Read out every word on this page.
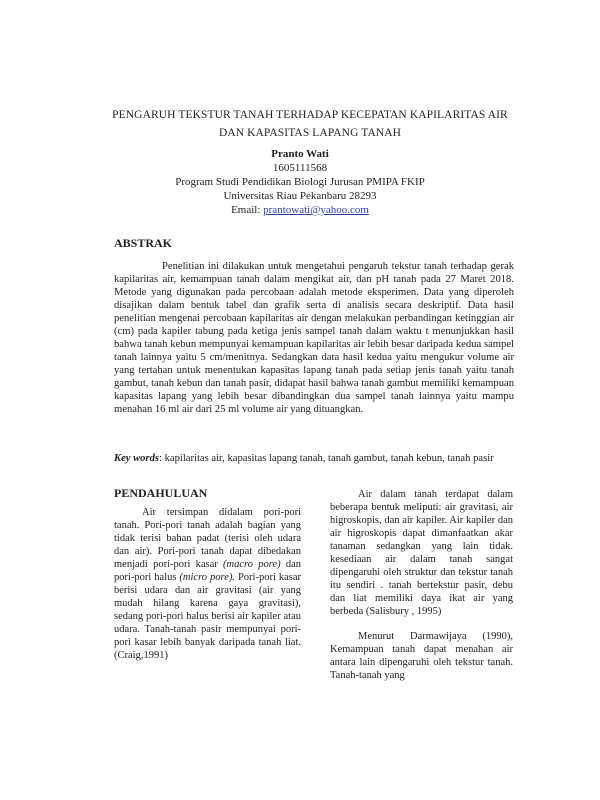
PENGARUH TEKSTUR TANAH TERHADAP KECEPATAN KAPILARITAS AIR
DAN KAPASITAS LAPANG TANAH
Pranto Wati
1605111568
Program Studi Pendidikan Biologi Jurusan PMIPA FKIP
Universitas Riau Pekanbaru 28293
Email: prantowati@yahoo.com
ABSTRAK

Penelitian ini dilakukan untuk mengetahui pengaruh tekstur tanah terhadap gerak kapilaritas air, kemampuan tanah dalam mengikat air, dan pH tanah pada 27 Maret 2018. Metode yang digunakan pada percobaan adalah metode eksperimen. Data yang diperoleh disajikan dalam bentuk tabel dan grafik serta di analisis secara deskriptif. Data hasil penelitian mengenai percobaan kapilaritas air dengan melakukan perbandingan ketinggian air (cm) pada kapiler tabung pada ketiga jenis sampel tanah dalam waktu t menunjukkan hasil bahwa tanah kebun mempunyai kemampuan kapilaritas air lebih besar daripada kedua sampel tanah lainnya yaitu 5 cm/menitnya. Sedangkan data hasil kedua yaitu mengukur volume air yang tertahan untuk menentukan kapasitas lapang tanah pada setiap jenis tanah yaitu tanah gambut, tanah kebun dan tanah pasir, didapat hasil bahwa tanah gambut memiliki kemampuan kapasitas lapang yang lebih besar dibandingkan dua sampel tanah lainnya yaitu mampu menahan 16 ml air dari 25 ml volume air yang dituangkan.

Key words: kapilaritas air, kapasitas lapang tanah, tanah gambut, tanah kebun, tanah pasir

PENDAHULUAN

Air tersimpan didalam pori-pori tanah. Pori-pori tanah adalah bagian yang tidak terisi bahan padat (terisi oleh udara dan air). Pori-pori tanah dapat dibedakan menjadi pori-pori kasar (macro pore) dan pori-pori halus (micro pore). Pori-pori kasar berisi udara dan air gravitasi (air yang mudah hilang karena gaya gravitasi), sedang pori-pori halus berisi air kapiler atau udara. Tanah-tanah pasir mempunyai pori-pori kasar lebih banyak daripada tanah liat. (Craig,1991)

Air dalam tanah terdapat dalam beberapa bentuk meliputi: air gravitasi, air higroskopis, dan air kapiler. Air kapiler dan air higroskopis dapat dimanfaatkan akar tanaman sedangkan yang lain tidak. kesediaan air dalam tanah sangat dipengaruhi oleh struktur dan tekstur tanah itu sendiri . tanah bertekstur pasir, debu dan liat memiliki daya ikat air yang berbeda (Salisbury , 1995)

Menurut Darmawijaya (1990), Kemampuan tanah dapat menahan air antara lain dipengaruhi oleh tekstur tanah. Tanah-tanah yang
